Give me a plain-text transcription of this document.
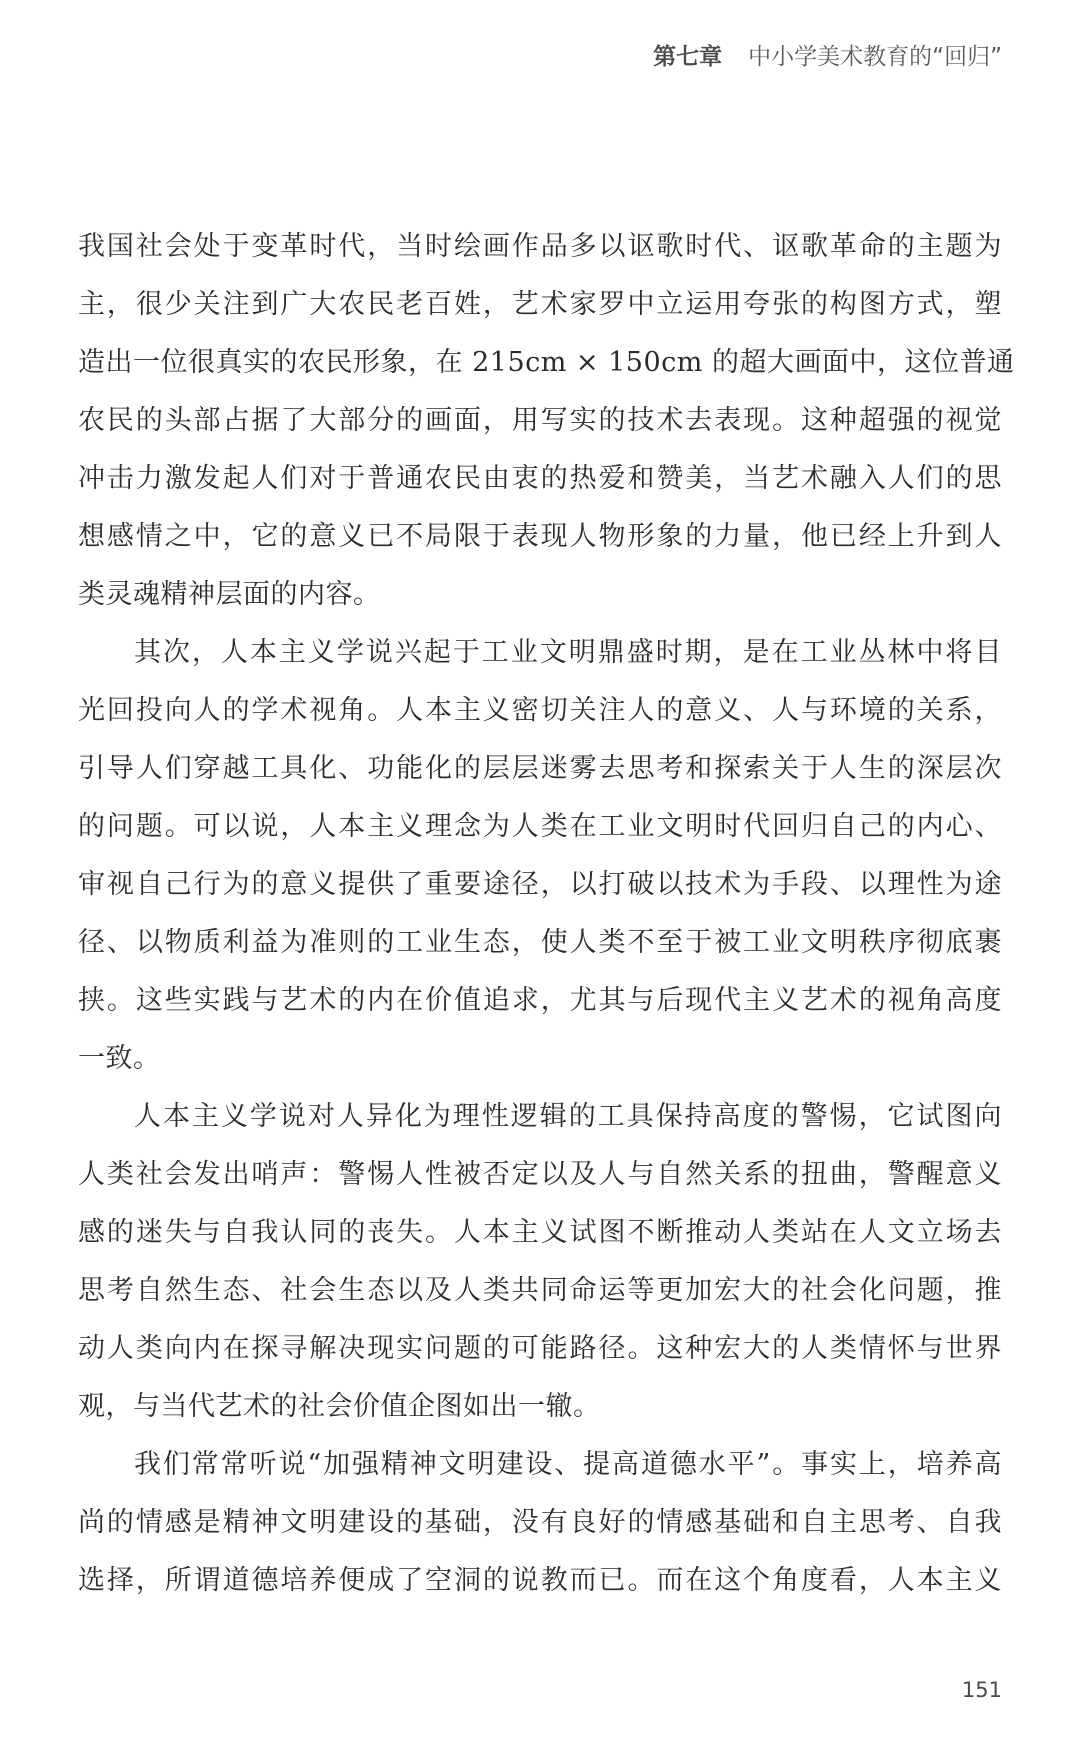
第七章 中小学美术教育的“回归”
我国社会处于变革时代，当时绘画作品多以讴歌时代、讴歌革命的主题为
主，很少关注到广大农民老百姓，艺术家罗中立运用夸张的构图方式，塑
造出一位很真实的农民形象，在 215cm × 150cm 的超大画面中，这位普通
农民的头部占据了大部分的画面，用写实的技术去表现。这种超强的视觉
冲击力激发起人们对于普通农民由衷的热爱和赞美，当艺术融入人们的思
想感情之中，它的意义已不局限于表现人物形象的力量，他已经上升到人
类灵魂精神层面的内容。
其次，人本主义学说兴起于工业文明鼎盛时期，是在工业丛林中将目
光回投向人的学术视角。人本主义密切关注人的意义、人与环境的关系，
引导人们穿越工具化、功能化的层层迷雾去思考和探索关于人生的深层次
的问题。可以说，人本主义理念为人类在工业文明时代回归自己的内心、
审视自己行为的意义提供了重要途径，以打破以技术为手段、以理性为途
径、以物质利益为准则的工业生态，使人类不至于被工业文明秩序彻底裹
挟。这些实践与艺术的内在价值追求，尤其与后现代主义艺术的视角高度
一致。
人本主义学说对人异化为理性逻辑的工具保持高度的警惕，它试图向
人类社会发出哨声：警惕人性被否定以及人与自然关系的扭曲，警醒意义
感的迷失与自我认同的丧失。人本主义试图不断推动人类站在人文立场去
思考自然生态、社会生态以及人类共同命运等更加宏大的社会化问题，推
动人类向内在探寻解决现实问题的可能路径。这种宏大的人类情怀与世界
观，与当代艺术的社会价值企图如出一辙。
我们常常听说“加强精神文明建设、提高道德水平”。事实上，培养高
尚的情感是精神文明建设的基础，没有良好的情感基础和自主思考、自我
选择，所谓道德培养便成了空洞的说教而已。而在这个角度看，人本主义
151
